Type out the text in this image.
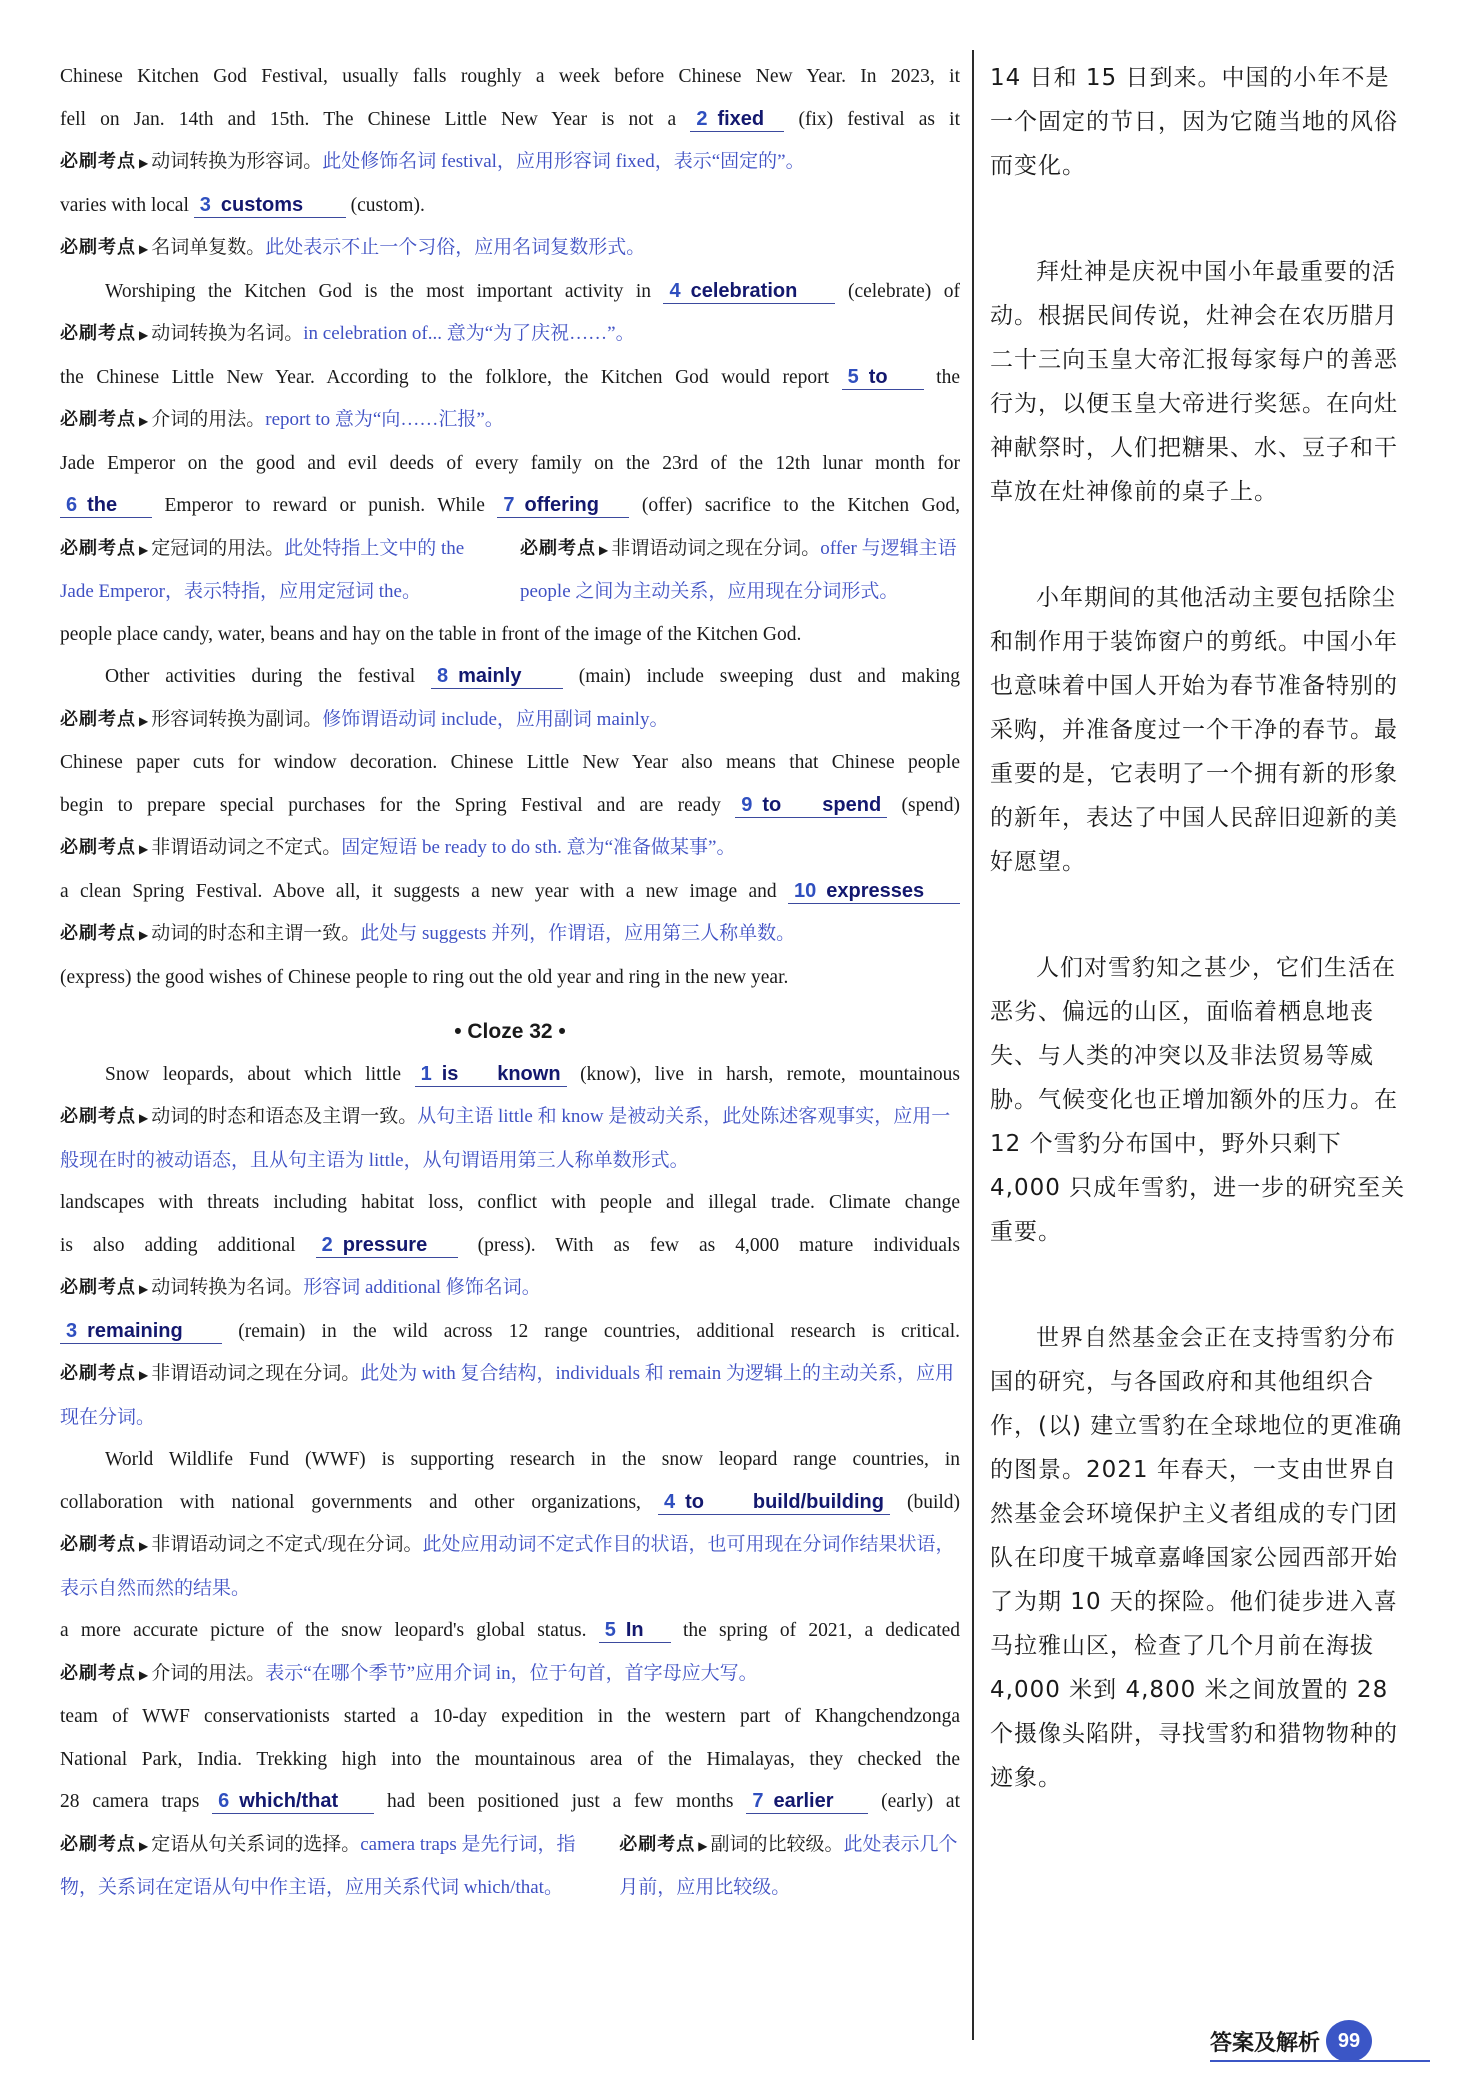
Chinese Kitchen God Festival, usually falls roughly a week before Chinese New Year. In 2023, it
fell on Jan. 14th and 15th. The Chinese Little New Year is not a 2 fixed (fix) festival as it
必刷考点 ▶ 动词转换为形容词。此处修饰名词 festival，应用形容词 fixed，表示“固定的”。
varies with local 3 customs (custom).
必刷考点 ▶ 名词单复数。此处表示不止一个习俗，应用名词复数形式。
Worshiping the Kitchen God is the most important activity in 4 celebration	(celebrate) of
必刷考点 ▶ 动词转换为名词。in celebration of... 意为“为了庆祝……”。
the Chinese Little New Year. According to the folklore, the Kitchen God would report 5 to the
必刷考点 ▶ 介词的用法。report to 意为“向……汇报”。
Jade Emperor on the good and evil deeds of every family on the 23rd of the 12th lunar month for
6 the Emperor to reward or punish. While 7 offering (offer) sacrifice to the Kitchen God,
必刷考点 ▶ 定冠词的用法。此处特指上文中的 the Jade Emperor，表示特指，应用定冠词 the。
必刷考点 ▶ 非谓语动词之现在分词。offer 与逻辑主语 people 之间为主动关系，应用现在分词形式。
people place candy, water, beans and hay on the table in front of the image of the Kitchen God.
Other activities during the festival 8 mainly	(main) include sweeping dust and making
必刷考点 ▶ 形容词转换为副词。修饰谓语动词 include，应用副词 mainly。
Chinese paper cuts for window decoration. Chinese Little New Year also means that Chinese people
begin to prepare special purchases for the Spring Festival and are ready 9 to spend (spend)
必刷考点 ▶ 非谓语动词之不定式。固定短语 be ready to do sth. 意为“准备做某事”。
a clean Spring Festival. Above all, it suggests a new year with a new image and 10 expresses
必刷考点 ▶ 动词的时态和主谓一致。此处与 suggests 并列，作谓语，应用第三人称单数。
(express) the good wishes of Chinese people to ring out the old year and ring in the new year.
• Cloze 32 •
Snow leopards, about which little 1 is known (know), live in harsh, remote, mountainous
必刷考点 ▶ 动词的时态和语态及主谓一致。从句主语 little 和 know 是被动关系，此处陈述客观事实，应用一般现在时的被动语态，且从句主语为 little，从句谓语用第三人称单数形式。
landscapes with threats including habitat loss, conflict with people and illegal trade. Climate change
is also adding additional 2 pressure	(press). With as few as 4,000 mature individuals
必刷考点 ▶ 动词转换为名词。形容词 additional 修饰名词。
3 remaining	(remain) in the wild across 12 range countries, additional research is critical.
必刷考点 ▶ 非谓语动词之现在分词。此处为 with 复合结构，individuals 和 remain 为逻辑上的主动关系，应用现在分词。
World Wildlife Fund (WWF) is supporting research in the snow leopard range countries, in
collaboration with national governments and other organizations, 4 to build/building (build)
必刷考点 ▶ 非谓语动词之不定式/现在分词。此处应用动词不定式作目的状语，也可用现在分词作结果状语，表示自然而然的结果。
a more accurate picture of the snow leopard's global status. 5 In the spring of 2021, a dedicated
必刷考点 ▶ 介词的用法。表示“在哪个季节”应用介词 in，位于句首，首字母应大写。
team of WWF conservationists started a 10-day expedition in the western part of Khangchendzonga
National Park, India. Trekking high into the mountainous area of the Himalayas, they checked the
28 camera traps 6 which/that	had been positioned just a few months 7 earlier (early) at
必刷考点 ▶ 定语从句关系词的选择。camera traps 是先行词，指物，关系词在定语从句中作主语，应用关系代词 which/that。
必刷考点 ▶ 副词的比较级。此处表示几个月前，应用比较级。

14 日和 15 日到来。中国的小年不是一个固定的节日，因为它随当地的风俗而变化。

拜灶神是庆祝中国小年最重要的活动。根据民间传说，灶神会在农历腊月二十三向玉皇大帝汇报每家每户的善恶行为，以便玉皇大帝进行奖惩。在向灶神献祭时，人们把糖果、水、豆子和干草放在灶神像前的桌子上。

小年期间的其他活动主要包括除尘和制作用于装饰窗户的剪纸。中国小年也意味着中国人开始为春节准备特别的采购，并准备度过一个干净的春节。最重要的是，它表明了一个拥有新的形象的新年，表达了中国人民辞旧迎新的美好愿望。

人们对雪豹知之甚少，它们生活在恶劣、偏远的山区，面临着栖息地丧失、与人类的冲突以及非法贸易等威胁。气候变化也正增加额外的压力。在 12 个雪豹分布国中，野外只剩下 4,000 只成年雪豹，进一步的研究至关重要。

世界自然基金会正在支持雪豹分布国的研究，与各国政府和其他组织合作，(以) 建立雪豹在全球地位的更准确的图景。2021 年春天，一支由世界自然基金会环境保护主义者组成的专门团队在印度干城章嘉峰国家公园西部开始了为期 10 天的探险。他们徒步进入喜马拉雅山区，检查了几个月前在海拔 4,000 米到 4,800 米之间放置的 28 个摄像头陷阱，寻找雪豹和猎物物种的迹象。

答案及解析 99
